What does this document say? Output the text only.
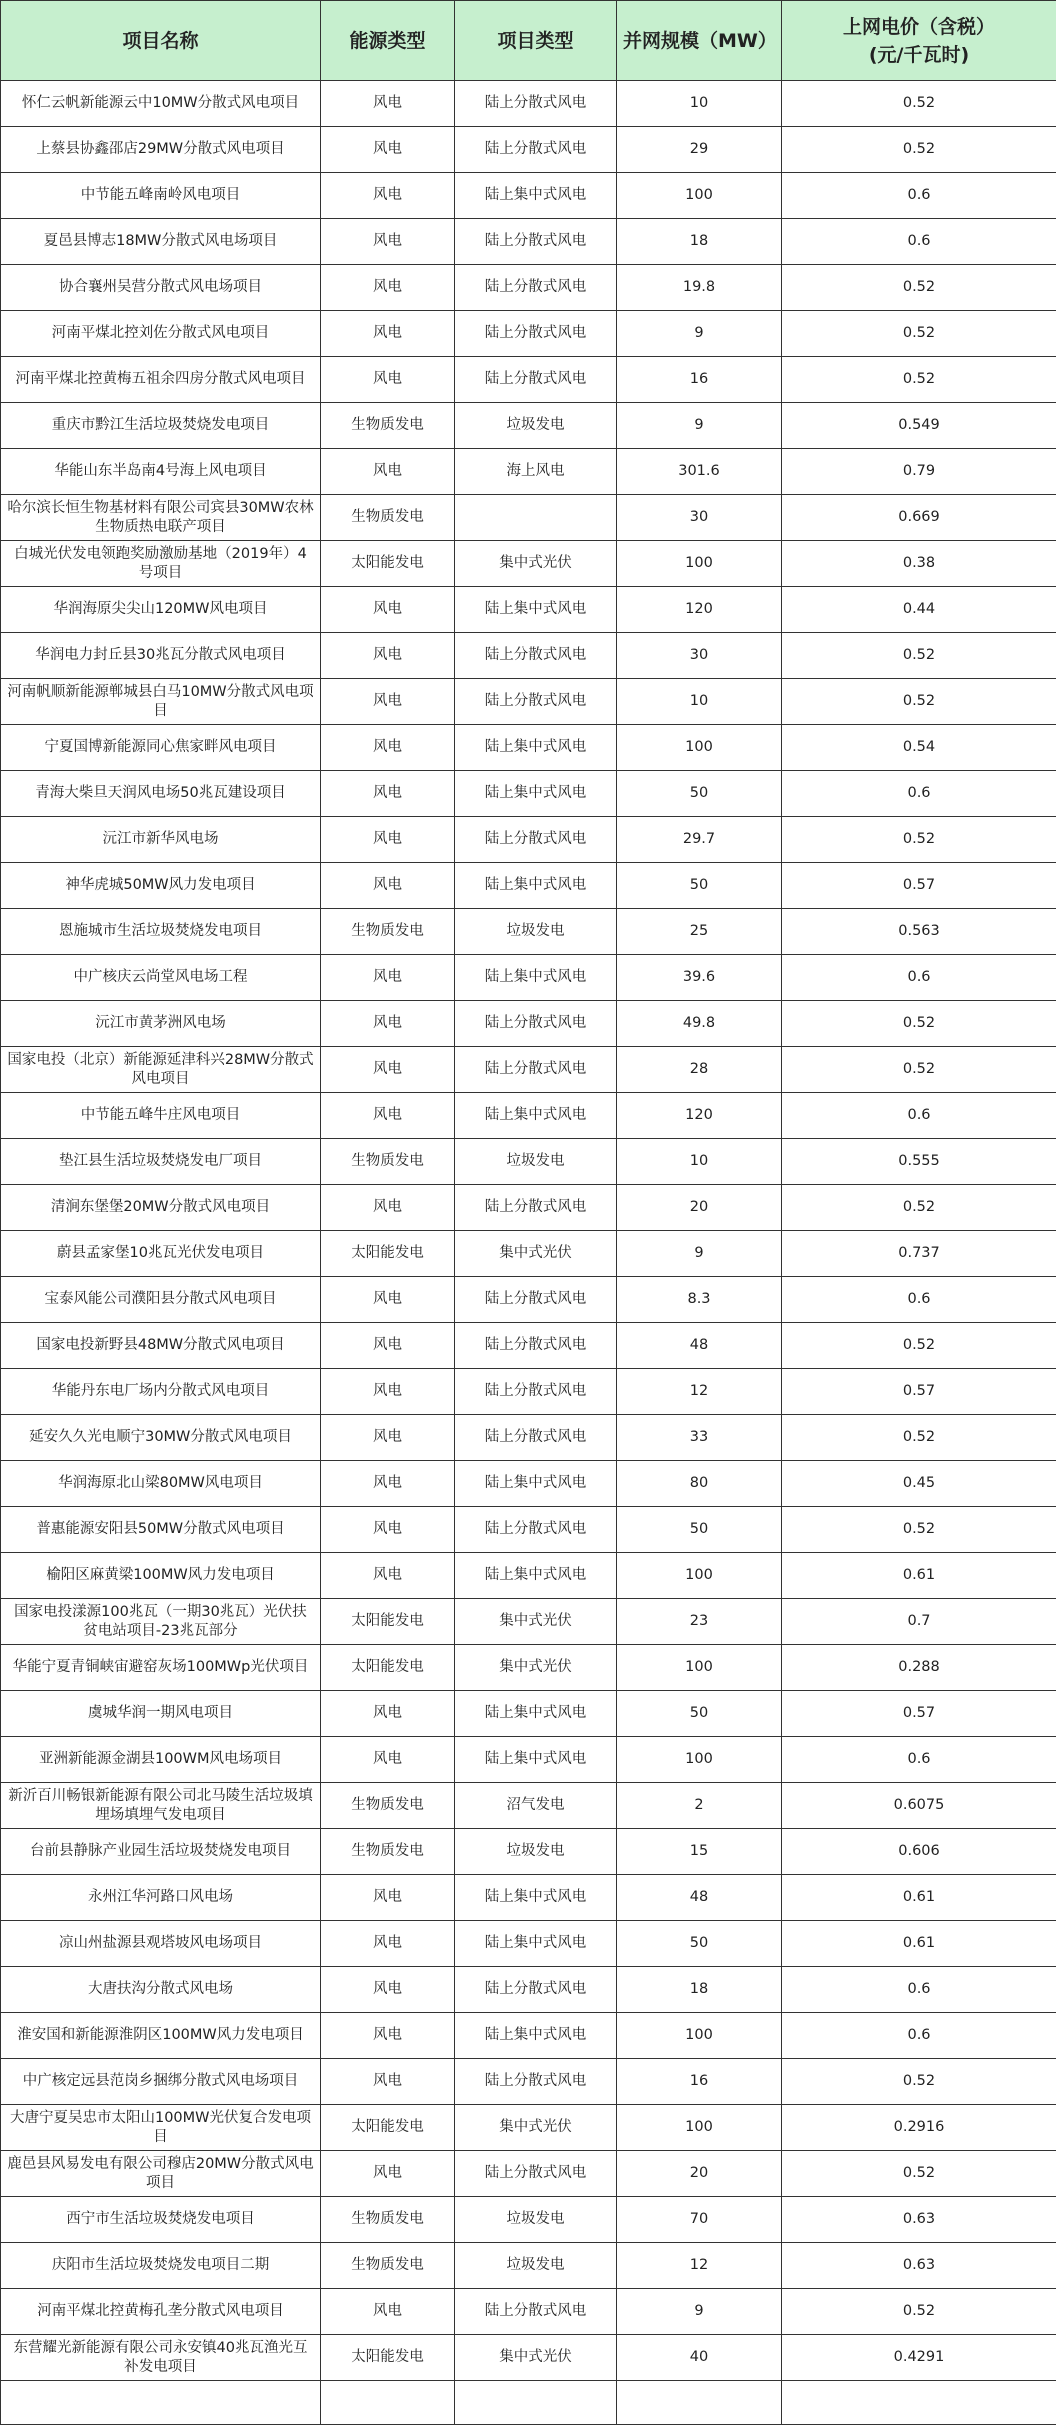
项目名称	能源类型	项目类型	并网规模（MW）	上网电价（含税）
(元/千瓦时)

怀仁云帆新能源云中10MW分散式风电项目	风电	陆上分散式风电	10	0.52
上蔡县协鑫邵店29MW分散式风电项目	风电	陆上分散式风电	29	0.52
中节能五峰南岭风电项目	风电	陆上集中式风电	100	0.6
夏邑县博志18MW分散式风电场项目	风电	陆上分散式风电	18	0.6
协合襄州吴营分散式风电场项目	风电	陆上分散式风电	19.8	0.52
河南平煤北控刘佐分散式风电项目	风电	陆上分散式风电	9	0.52
河南平煤北控黄梅五祖余四房分散式风电项目	风电	陆上分散式风电	16	0.52
重庆市黔江生活垃圾焚烧发电项目	生物质发电	垃圾发电	9	0.549
华能山东半岛南4号海上风电项目	风电	海上风电	301.6	0.79
哈尔滨长恒生物基材料有限公司宾县30MW农林生物质热电联产项目	生物质发电		30	0.669
白城光伏发电领跑奖励激励基地（2019年）4号项目	太阳能发电	集中式光伏	100	0.38
华润海原尖尖山120MW风电项目	风电	陆上集中式风电	120	0.44
华润电力封丘县30兆瓦分散式风电项目	风电	陆上分散式风电	30	0.52
河南帆顺新能源郸城县白马10MW分散式风电项目	风电	陆上分散式风电	10	0.52
宁夏国博新能源同心焦家畔风电项目	风电	陆上集中式风电	100	0.54
青海大柴旦天润风电场50兆瓦建设项目	风电	陆上集中式风电	50	0.6
沅江市新华风电场	风电	陆上分散式风电	29.7	0.52
神华虎城50MW风力发电项目	风电	陆上集中式风电	50	0.57
恩施城市生活垃圾焚烧发电项目	生物质发电	垃圾发电	25	0.563
中广核庆云尚堂风电场工程	风电	陆上集中式风电	39.6	0.6
沅江市黄茅洲风电场	风电	陆上分散式风电	49.8	0.52
国家电投（北京）新能源延津科兴28MW分散式风电项目	风电	陆上分散式风电	28	0.52
中节能五峰牛庄风电项目	风电	陆上集中式风电	120	0.6
垫江县生活垃圾焚烧发电厂项目	生物质发电	垃圾发电	10	0.555
清涧东堡堡20MW分散式风电项目	风电	陆上分散式风电	20	0.52
蔚县孟家堡10兆瓦光伏发电项目	太阳能发电	集中式光伏	9	0.737
宝泰风能公司濮阳县分散式风电项目	风电	陆上分散式风电	8.3	0.6
国家电投新野县48MW分散式风电项目	风电	陆上分散式风电	48	0.52
华能丹东电厂场内分散式风电项目	风电	陆上分散式风电	12	0.57
延安久久光电顺宁30MW分散式风电项目	风电	陆上分散式风电	33	0.52
华润海原北山梁80MW风电项目	风电	陆上集中式风电	80	0.45
普惠能源安阳县50MW分散式风电项目	风电	陆上分散式风电	50	0.52
榆阳区麻黄梁100MW风力发电项目	风电	陆上集中式风电	100	0.61
国家电投漾源100兆瓦（一期30兆瓦）光伏扶贫电站项目-23兆瓦部分	太阳能发电	集中式光伏	23	0.7
华能宁夏青铜峡宙避窑灰场100MWp光伏项目	太阳能发电	集中式光伏	100	0.288
虞城华润一期风电项目	风电	陆上集中式风电	50	0.57
亚洲新能源金湖县100WM风电场项目	风电	陆上集中式风电	100	0.6
新沂百川畅银新能源有限公司北马陵生活垃圾填埋场填埋气发电项目	生物质发电	沼气发电	2	0.6075
台前县静脉产业园生活垃圾焚烧发电项目	生物质发电	垃圾发电	15	0.606
永州江华河路口风电场	风电	陆上集中式风电	48	0.61
凉山州盐源县观塔坡风电场项目	风电	陆上集中式风电	50	0.61
大唐扶沟分散式风电场	风电	陆上分散式风电	18	0.6
淮安国和新能源淮阴区100MW风力发电项目	风电	陆上集中式风电	100	0.6
中广核定远县范岗乡捆绑分散式风电场项目	风电	陆上分散式风电	16	0.52
大唐宁夏吴忠市太阳山100MW光伏复合发电项目	太阳能发电	集中式光伏	100	0.2916
鹿邑县风易发电有限公司穆店20MW分散式风电项目	风电	陆上分散式风电	20	0.52
西宁市生活垃圾焚烧发电项目	生物质发电	垃圾发电	70	0.63
庆阳市生活垃圾焚烧发电项目二期	生物质发电	垃圾发电	12	0.63
河南平煤北控黄梅孔垄分散式风电项目	风电	陆上分散式风电	9	0.52
东营耀光新能源有限公司永安镇40兆瓦渔光互补发电项目	太阳能发电	集中式光伏	40	0.4291
